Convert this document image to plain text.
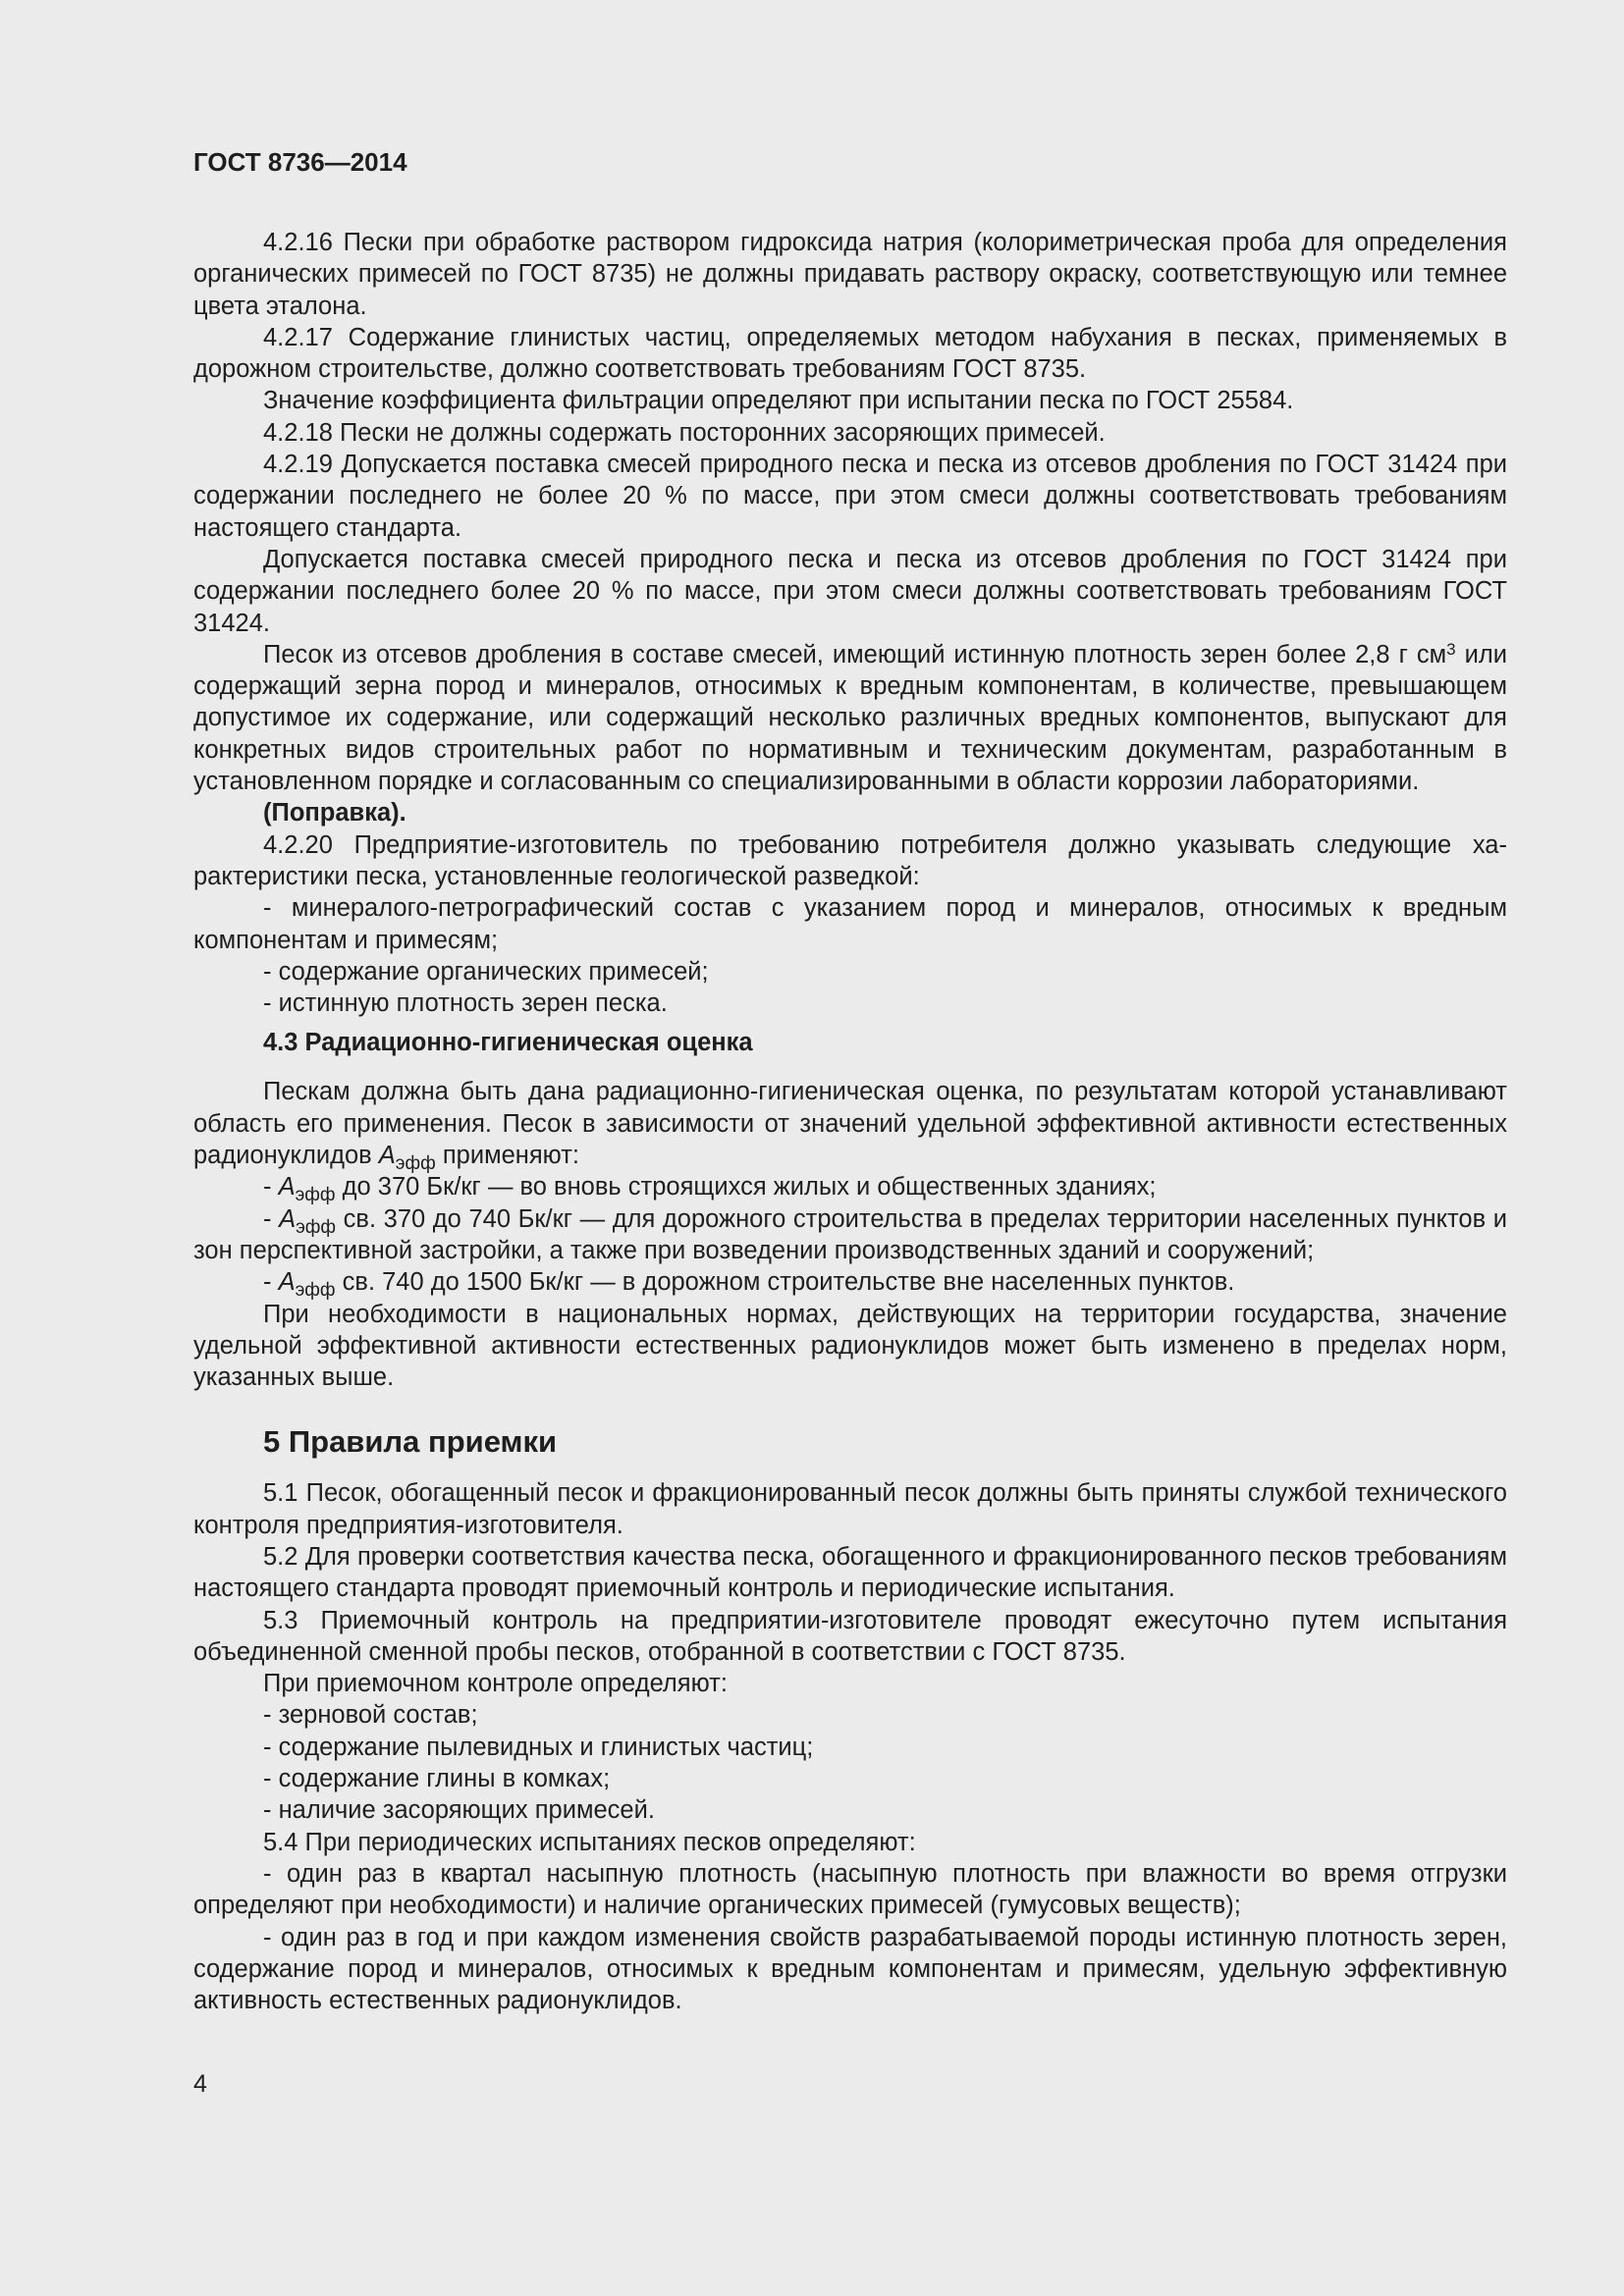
ГОСТ 8736—2014

4.2.16 Пески при обработке раствором гидроксида натрия (колориметрическая проба для определения органических примесей по ГОСТ 8735) не должны придавать раствору окраску, соответствующую или темнее цвета эталона.

4.2.17 Содержание глинистых частиц, определяемых методом набухания в песках, применяемых в дорожном строительстве, должно соответствовать требованиям ГОСТ 8735.

Значение коэффициента фильтрации определяют при испытании песка по ГОСТ 25584.

4.2.18 Пески не должны содержать посторонних засоряющих примесей.

4.2.19 Допускается поставка смесей природного песка и песка из отсевов дробления по ГОСТ 31424 при содержании последнего не более 20 % по массе, при этом смеси должны соответствовать требованиям настоящего стандарта.

Допускается поставка смесей природного песка и песка из отсевов дробления по ГОСТ 31424 при содержании последнего более 20 % по массе, при этом смеси должны соответствовать требованиям ГОСТ 31424.

Песок из отсевов дробления в составе смесей, имеющий истинную плотность зерен более 2,8 г $см^3$ или содержащий зерна пород и минералов, относимых к вредным компонентам, в количестве, превышающем допустимое их содержание, или содержащий несколько различных вредных компонентов, выпускают для конкретных видов строительных работ по нормативным и техническим документам, разработанным в установленном порядке и согласованным со специализированными в области коррозии лабораториями.

(Поправка).

4.2.20 Предприятие-изготовитель по требованию потребителя должно указывать следующие характеристики песка, установленные геологической разведкой:

- минералого-петрографический состав с указанием пород и минералов, относимых к вредным компонентам и примесям;

- содержание органических примесей;

- истинную плотность зерен песка.

4.3 Радиационно-гигиеническая оценка

Пескам должна быть дана радиационно-гигиеническая оценка, по результатам которой устанавливают область его применения. Песок в зависимости от значений удельной эффективной активности естественных радионуклидов $A_{эфф}$ применяют:

- $A_{эфф}$ до 370 Бк/кг — во вновь строящихся жилых и общественных зданиях;

- $A_{эфф}$ св. 370 до 740 Бк/кг — для дорожного строительства в пределах территории населенных пунктов и зон перспективной застройки, а также при возведении производственных зданий и сооружений;

- $A_{эфф}$ св. 740 до 1500 Бк/кг — в дорожном строительстве вне населенных пунктов.

При необходимости в национальных нормах, действующих на территории государства, значение удельной эффективной активности естественных радионуклидов может быть изменено в пределах норм, указанных выше.

5 Правила приемки

5.1 Песок, обогащенный песок и фракционированный песок должны быть приняты службой технического контроля предприятия-изготовителя.

5.2 Для проверки соответствия качества песка, обогащенного и фракционированного песков требованиям настоящего стандарта проводят приемочный контроль и периодические испытания.

5.3 Приемочный контроль на предприятии-изготовителе проводят ежесуточно путем испытания объединенной сменной пробы песков, отобранной в соответствии с ГОСТ 8735.

При приемочном контроле определяют:

- зерновой состав;

- содержание пылевидных и глинистых частиц;

- содержание глины в комках;

- наличие засоряющих примесей.

5.4 При периодических испытаниях песков определяют:

- один раз в квартал насыпную плотность (насыпную плотность при влажности во время отгрузки определяют при необходимости) и наличие органических примесей (гумусовых веществ);

- один раз в год и при каждом изменения свойств разрабатываемой породы истинную плотность зерен, содержание пород и минералов, относимых к вредным компонентам и примесям, удельную эффективную активность естественных радионуклидов.

4
